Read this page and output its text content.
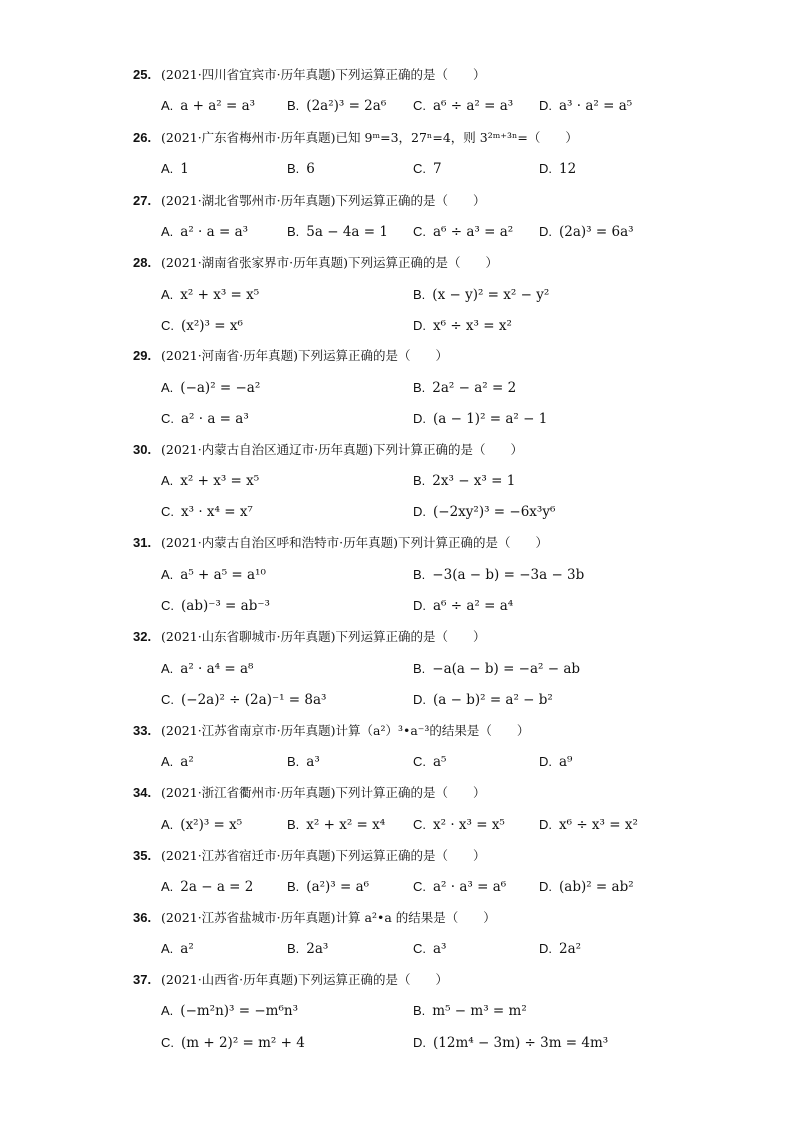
25. (2021·四川省宜宾市·历年真题)下列运算正确的是（　　）
A. a + a² = a³ B. (2a²)³ = 2a⁶ C. a⁶ ÷ a² = a³ D. a³ · a² = a⁵
26. (2021·广东省梅州市·历年真题)已知 9ᵐ=3，27ⁿ=4，则 3²ᵐ⁺³ⁿ=（　　）
A. 1	B. 6	C. 7	D. 12
27. (2021·湖北省鄂州市·历年真题)下列运算正确的是（　　）
A. a² · a = a³	B. 5a − 4a = 1 C. a⁶ ÷ a³ = a² D. (2a)³ = 6a³
28. (2021·湖南省张家界市·历年真题)下列运算正确的是（　　）
A. x² + x³ = x⁵	B. (x − y)² = x² − y²
C. (x²)³ = x⁶	D. x⁶ ÷ x³ = x²
29. (2021·河南省·历年真题)下列运算正确的是（　　）
A. (−a)² = −a²	B. 2a² − a² = 2
C. a² · a = a³	D. (a − 1)² = a² − 1
30. (2021·内蒙古自治区通辽市·历年真题)下列计算正确的是（　　）
A. x² + x³ = x⁵	B. 2x³ − x³ = 1
C. x³ · x⁴ = x⁷	D. (−2xy²)³ = −6x³y⁶
31. (2021·内蒙古自治区呼和浩特市·历年真题)下列计算正确的是（　　）
A. a⁵ + a⁵ = a¹⁰	B. −3(a − b) = −3a − 3b
C. (ab)⁻³ = ab⁻³	D. a⁶ ÷ a² = a⁴
32. (2021·山东省聊城市·历年真题)下列运算正确的是（　　）
A. a² · a⁴ = a⁸	B. −a(a − b) = −a² − ab
C. (−2a)² ÷ (2a)⁻¹ = 8a³	D. (a − b)² = a² − b²
33. (2021·江苏省南京市·历年真题)计算（a²）³•a⁻³的结果是（　　）
A. a²	B. a³	C. a⁵	D. a⁹
34. (2021·浙江省衢州市·历年真题)下列计算正确的是（　　）
A. (x²)³ = x⁵	B. x² + x² = x⁴ C. x² · x³ = x⁵	D. x⁶ ÷ x³ = x²
35. (2021·江苏省宿迁市·历年真题)下列运算正确的是（　　）
A. 2a − a = 2	B. (a²)³ = a⁶	C. a² · a³ = a⁶	D. (ab)² = ab²
36. (2021·江苏省盐城市·历年真题)计算 a²•a 的结果是（　　）
A. a²	B. 2a³	C. a³	D. 2a²
37. (2021·山西省·历年真题)下列运算正确的是（　　）
A. (−m²n)³ = −m⁶n³	B. m⁵ − m³ = m²
C. (m + 2)² = m² + 4	D. (12m⁴ − 3m) ÷ 3m = 4m³
